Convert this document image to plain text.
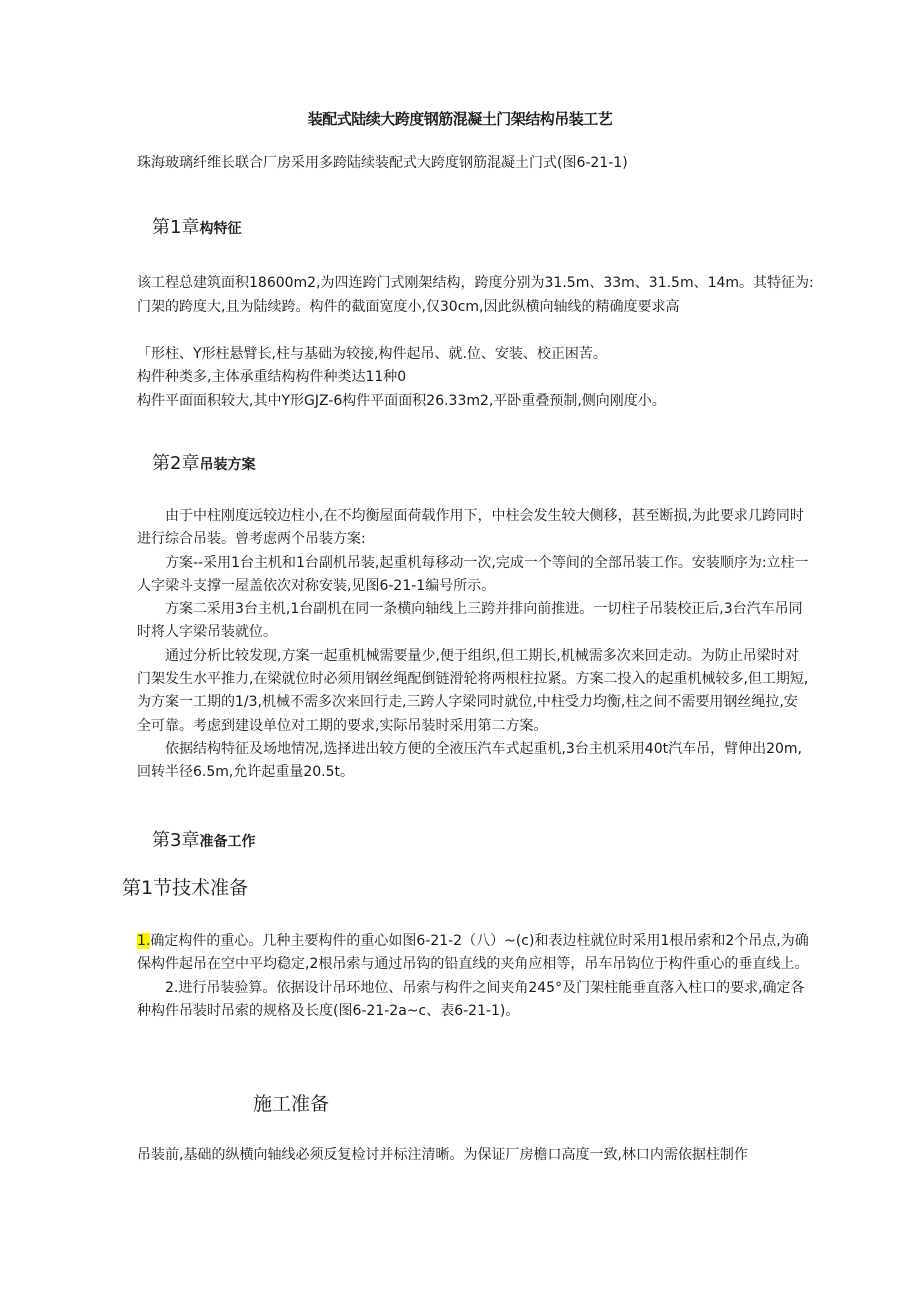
装配式陆续大跨度钢筋混凝土门架结构吊装工艺
珠海玻璃纤维长联合厂房采用多跨陆续装配式大跨度钢筋混凝土门式(图6-21-1)
第1章构特征
该工程总建筑面积18600m2,为四连跨门式刚架结构，跨度分别为31.5m、33m、31.5m、14m。其特征为:
门架的跨度大,且为陆续跨。构件的截面宽度小,仅30cm,因此纵横向轴线的精确度要求高
「形柱、Y形柱悬臂长,柱与基础为较接,构件起吊、就.位、安装、校正困苦。
构件种类多,主体承重结构构件种类达11种0
构件平面面积较大,其中Y形GJZ-6构件平面面积26.33m2,平卧重叠预制,侧向刚度小。
第2章吊装方案

由于中柱刚度远较边柱小,在不均衡屋面荷载作用下，中柱会发生较大侧移，甚至断损,为此要求几跨同时进行综合吊装。曾考虑两个吊装方案:

方案--采用1台主机和1台副机吊装,起重机每移动一次,完成一个等间的全部吊装工作。安装顺序为:立柱一人字梁斗支撑一屋盖依次对称安装,见图6-21-1编号所示。

方案二采用3台主机,1台副机在同一条横向轴线上三跨并排向前推进。一切柱子吊装校正后,3台汽车吊同时将人字梁吊装就位。

通过分析比较发现,方案一起重机械需要量少,便于组织,但工期长,机械需多次来回走动。为防止吊梁时对门架发生水平推力,在梁就位时必须用钢丝绳配倒链滑轮将两根柱拉紧。方案二投入的起重机械较多,但工期短,为方案一工期的1/3,机械不需多次来回行走,三跨人字梁同时就位,中柱受力均衡,柱之间不需要用钢丝绳拉,安全可靠。考虑到建设单位对工期的要求,实际吊装时采用第二方案。

依据结构特征及场地情况,选择进出较方便的全液压汽车式起重机,3台主机采用40t汽车吊，臂伸出20m,回转半径6.5m,允许起重量20.5t。

第3章准备工作
第1节技术准备

1.确定构件的重心。几种主要构件的重心如图6-21-2（八）~(c)和表边柱就位时采用1根吊索和2个吊点,为确保构件起吊在空中平均稳定,2根吊索与通过吊钩的铅直线的夹角应相等，吊车吊钩位于构件重心的垂直线上。

2.进行吊装验算。依据设计吊环地位、吊索与构件之间夹角245°及门架柱能垂直落入柱口的要求,确定各种构件吊装时吊索的规格及长度(图6-21-2a~c、表6-21-1)。

施工准备
吊装前,基础的纵横向轴线必须反复检讨并标注清晰。为保证厂房檐口高度一致,林口内需依据柱制作
